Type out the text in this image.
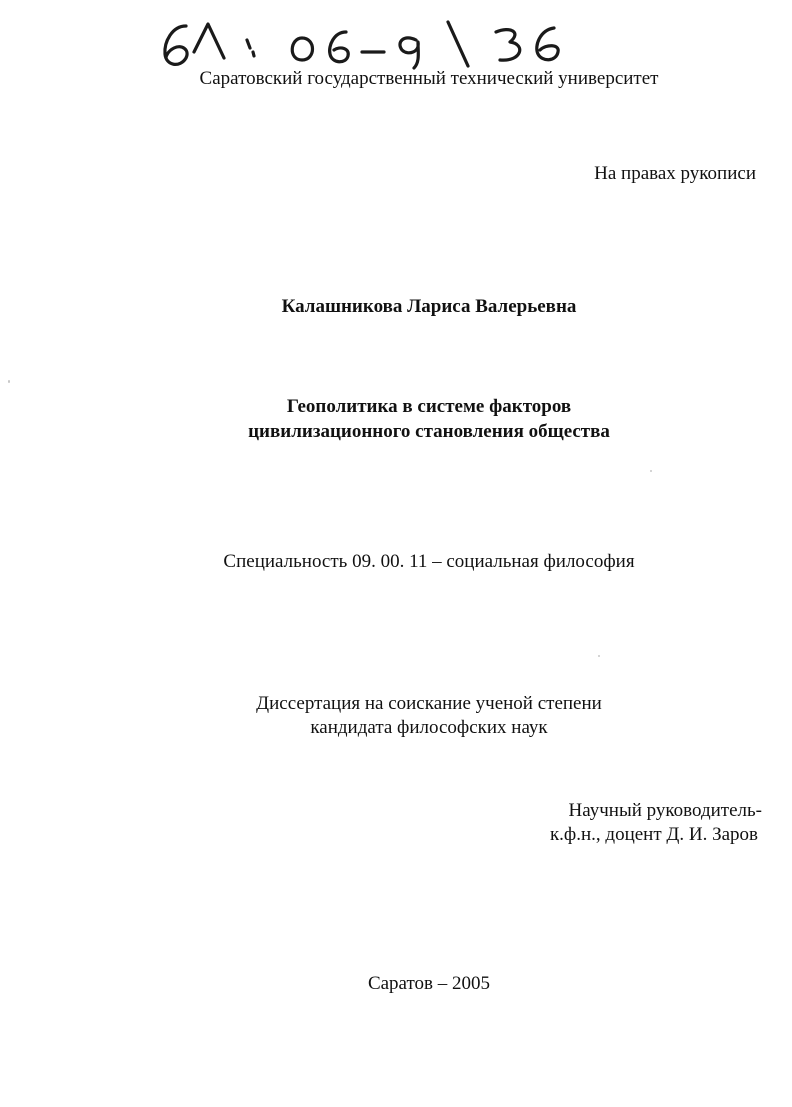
Саратовский государственный технический университет
На правах рукописи
Калашникова Лариса Валерьевна
Геополитика в системе факторов
цивилизационного становления общества
Специальность 09. 00. 11 – социальная философия
Диссертация на соискание ученой степени
кандидата философских наук
Научный руководитель-
к.ф.н., доцент Д. И. Заров
Саратов – 2005
